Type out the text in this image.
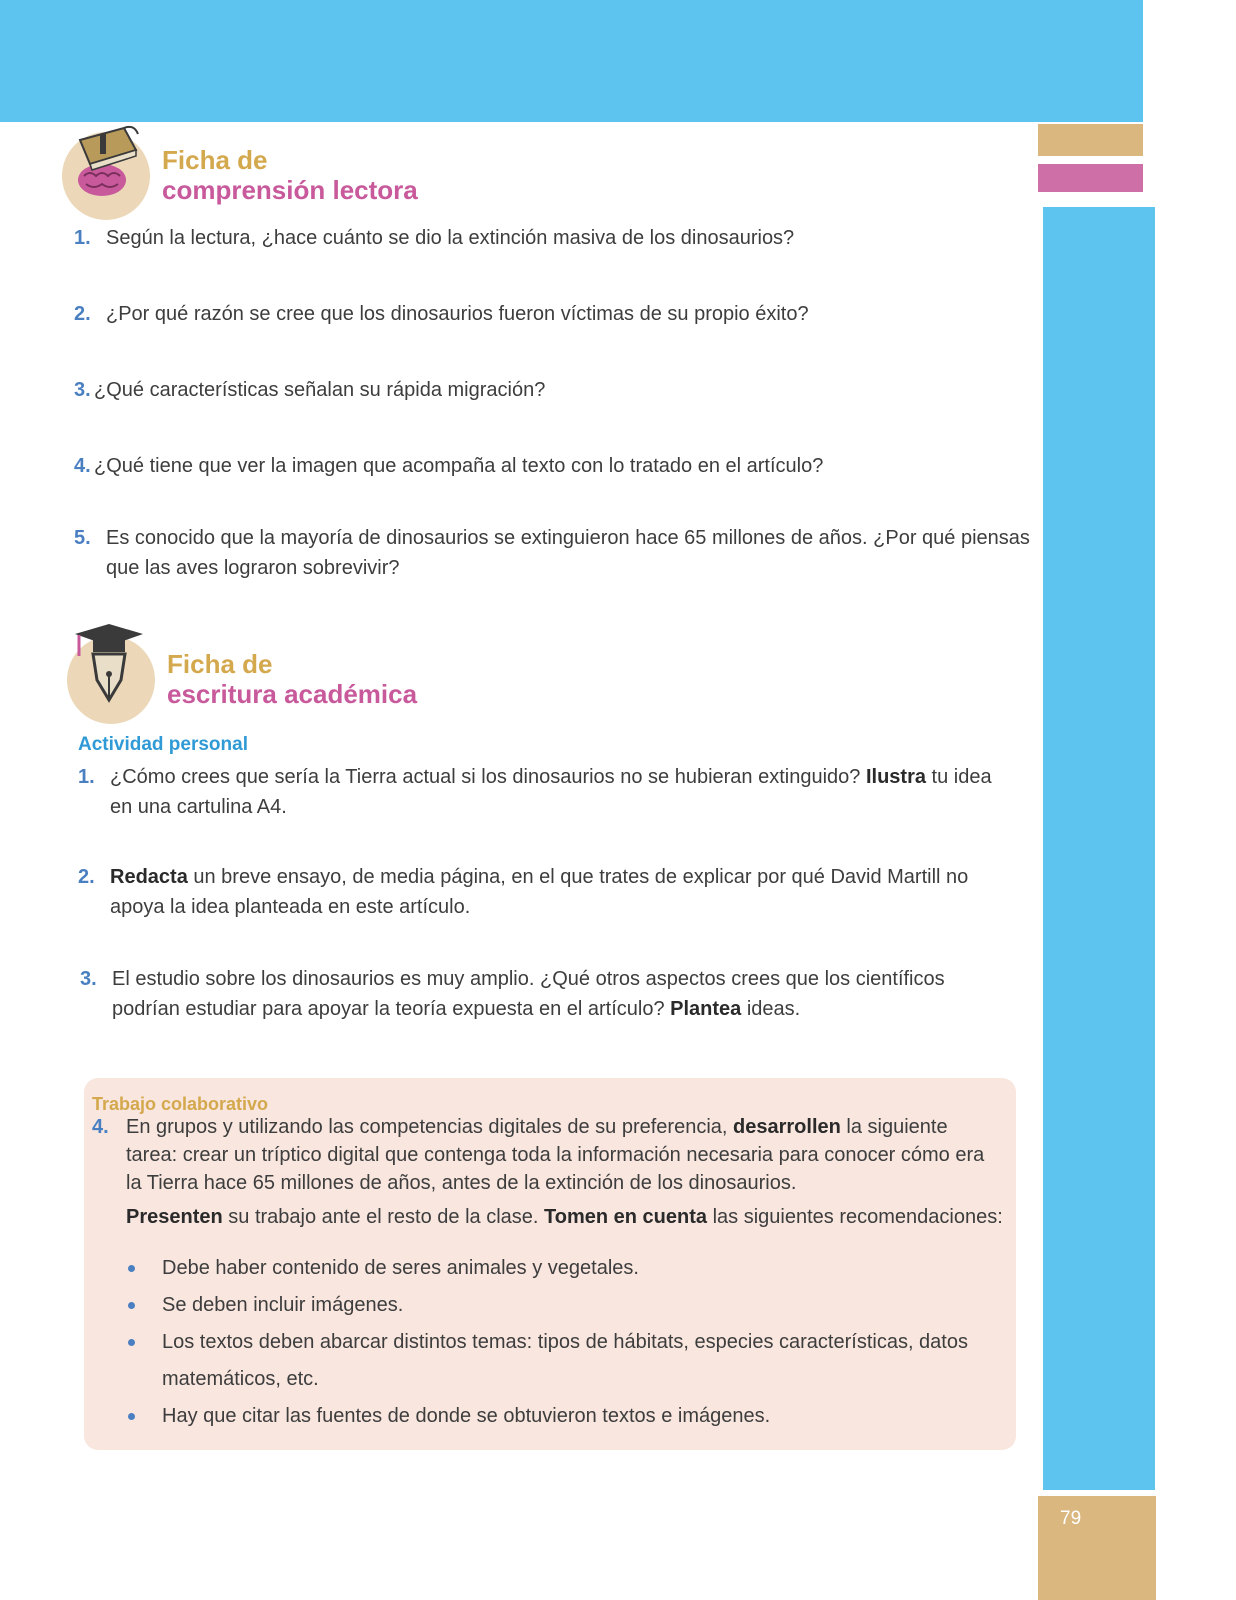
79
Ficha de
comprensión lectora
1. Según la lectura, ¿hace cuánto se dio la extinción masiva de los dinosaurios?
2. ¿Por qué razón se cree que los dinosaurios fueron víctimas de su propio éxito?
3. ¿Qué características señalan su rápida migración?
4. ¿Qué tiene que ver la imagen que acompaña al texto con lo tratado en el artículo?
5. Es conocido que la mayoría de dinosaurios se extinguieron hace 65 millones de años. ¿Por qué piensas que las aves lograron sobrevivir?
Ficha de
escritura académica
Actividad personal
1. ¿Cómo crees que sería la Tierra actual si los dinosaurios no se hubieran extinguido? Ilustra tu idea en una cartulina A4.
2. Redacta un breve ensayo, de media página, en el que trates de explicar por qué David Martill no apoya la idea planteada en este artículo.
3. El estudio sobre los dinosaurios es muy amplio. ¿Qué otros aspectos crees que los científicos podrían estudiar para apoyar la teoría expuesta en el artículo? Plantea ideas.
Trabajo colaborativo
4. En grupos y utilizando las competencias digitales de su preferencia, desarrollen la siguiente tarea: crear un tríptico digital que contenga toda la información necesaria para conocer cómo era la Tierra hace 65 millones de años, antes de la extinción de los dinosaurios.
Presenten su trabajo ante el resto de la clase. Tomen en cuenta las siguientes recomendaciones:
Debe haber contenido de seres animales y vegetales.
Se deben incluir imágenes.
Los textos deben abarcar distintos temas: tipos de hábitats, especies características, datos matemáticos, etc.
Hay que citar las fuentes de donde se obtuvieron textos e imágenes.
